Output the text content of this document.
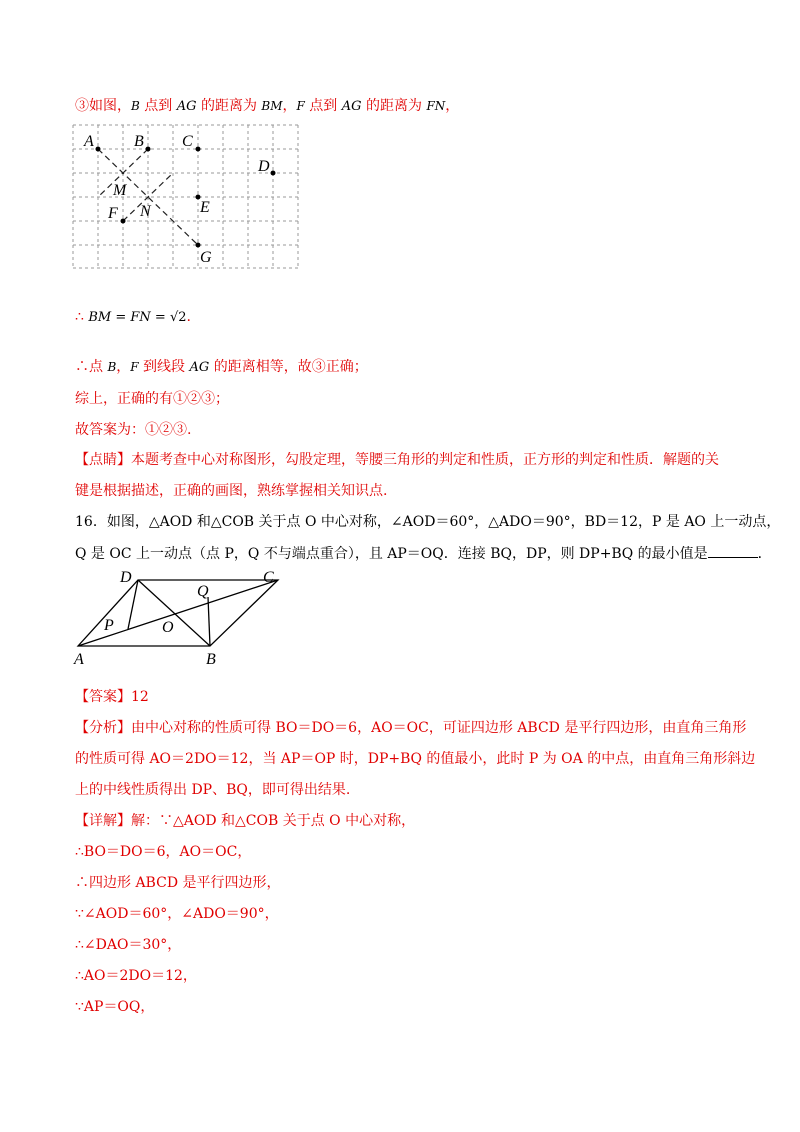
③如图，B 点到 AG 的距离为 BM，F 点到 AG 的距离为 FN，
A	B C
D
M
F N	E
G
∴ BM = FN = √2.
∴点 B，F 到线段 AG 的距离相等，故③正确；
综上，正确的有①②③；
故答案为：①②③.
【点睛】本题考查中心对称图形，勾股定理，等腰三角形的判定和性质，正方形的判定和性质．解题的关
键是根据描述，正确的画图，熟练掌握相关知识点.
16．如图，△AOD 和△COB 关于点 O 中心对称，∠AOD＝60°，△ADO＝90°，BD＝12，P 是 AO 上一动点，
Q 是 OC 上一动点（点 P，Q 不与端点重合），且 AP＝OQ．连接 BQ，DP，则 DP+BQ 的最小值是	．
A	B
C
D
O
P
Q
【答案】12
【分析】由中心对称的性质可得 BO＝DO＝6，AO＝OC，可证四边形 ABCD 是平行四边形，由直角三角形
的性质可得 AO＝2DO＝12，当 AP＝OP 时，DP+BQ 的值最小，此时 P 为 OA 的中点，由直角三角形斜边
上的中线性质得出 DP、BQ，即可得出结果.
【详解】解：∵△AOD 和△COB 关于点 O 中心对称，
∴BO＝DO＝6，AO＝OC，
∴四边形 ABCD 是平行四边形，
∵∠AOD＝60°，∠ADO＝90°，
∴∠DAO＝30°，
∴AO＝2DO＝12，
∵AP＝OQ，
